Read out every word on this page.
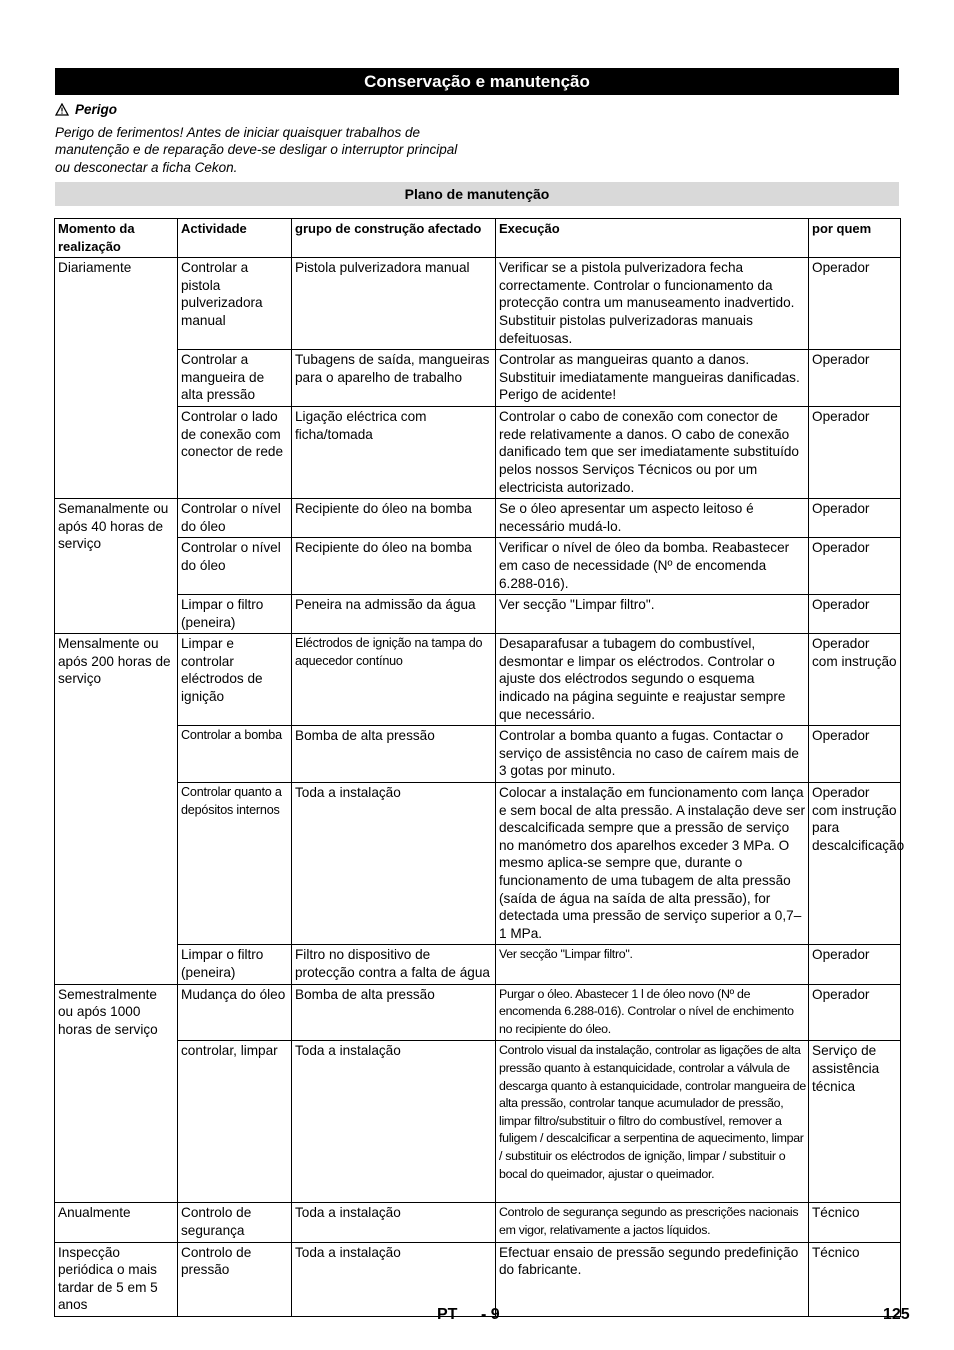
Conservação e manutenção
Perigo

Perigo de ferimentos! Antes de iniciar quaisquer trabalhos de manutenção e de reparação deve-se desligar o interruptor principal ou desconectar a ficha Cekon.

Plano de manutenção
Momento da realização	Actividade	grupo de construção afectado	Execução	por quem
Diariamente	Controlar a pistola pulverizadora manual	Pistola pulverizadora manual	Verificar se a pistola pulverizadora fecha correctamente. Controlar o funcionamento da protecção contra um manuseamento inadvertido. Substituir pistolas pulverizadoras manuais defeituosas.	Operador
	Controlar a mangueira de alta pressão	Tubagens de saída, mangueiras para o aparelho de trabalho	Controlar as mangueiras quanto a danos. Substituir imediatamente mangueiras danificadas. Perigo de acidente!	Operador
	Controlar o lado de conexão com conector de rede	Ligação eléctrica com ficha/tomada	Controlar o cabo de conexão com conector de rede relativamente a danos. O cabo de conexão danificado tem que ser imediatamente substituído pelos nossos Serviços Técnicos ou por um electricista autorizado.	Operador
Semanalmente ou após 40 horas de serviço	Controlar o nível do óleo	Recipiente do óleo na bomba	Se o óleo apresentar um aspecto leitoso é necessário mudá-lo.	Operador
	Controlar o nível do óleo	Recipiente do óleo na bomba	Verificar o nível de óleo da bomba. Reabastecer em caso de necessidade (Nº de encomenda 6.288-016).	Operador
	Limpar o filtro (peneira)	Peneira na admissão da água	Ver secção "Limpar filtro".	Operador
Mensalmente ou após 200 horas de serviço	Limpar e controlar eléctrodos de ignição	Eléctrodos de ignição na tampa do aquecedor contínuo	Desaparafusar a tubagem do combustível, desmontar e limpar os eléctrodos. Controlar o ajuste dos eléctrodos segundo o esquema indicado na página seguinte e reajustar sempre que necessário.	Operador com instrução
	Controlar a bomba	Bomba de alta pressão	Controlar a bomba quanto a fugas. Contactar o serviço de assistência no caso de caírem mais de 3 gotas por minuto.	Operador
	Controlar quanto a depósitos internos	Toda a instalação	Colocar a instalação em funcionamento com lança e sem bocal de alta pressão. A instalação deve ser descalcificada sempre que a pressão de serviço no manómetro dos aparelhos exceder 3 MPa. O mesmo aplica-se sempre que, durante o funcionamento de uma tubagem de alta pressão (saída de água na saída de alta pressão), for detectada uma pressão de serviço superior a 0,7–1 MPa.	Operador com instrução para descalcificação
	Limpar o filtro (peneira)	Filtro no dispositivo de protecção contra a falta de água	Ver secção "Limpar filtro".	Operador
Semestralmente ou após 1000 horas de serviço	Mudança do óleo	Bomba de alta pressão	Purgar o óleo. Abastecer 1 l de óleo novo (Nº de encomenda 6.288-016). Controlar o nível de enchimento no recipiente do óleo.	Operador
	controlar, limpar	Toda a instalação	Controlo visual da instalação, controlar as ligações de alta pressão quanto à estanquicidade, controlar a válvula de descarga quanto à estanquicidade, controlar mangueira de alta pressão, controlar tanque acumulador de pressão, limpar filtro/substituir o filtro do combustível, remover a fuligem / descalcificar a serpentina de aquecimento, limpar / substituir os eléctrodos de ignição, limpar / substituir o bocal do queimador, ajustar o queimador.	Serviço de assistência técnica
Anualmente	Controlo de segurança	Toda a instalação	Controlo de segurança segundo as prescrições nacionais em vigor, relativamente a jactos líquidos.	Técnico
Inspecção periódica o mais tardar de 5 em 5 anos	Controlo de pressão	Toda a instalação	Efectuar ensaio de pressão segundo predefinição do fabricante.	Técnico
PT - 9	125
